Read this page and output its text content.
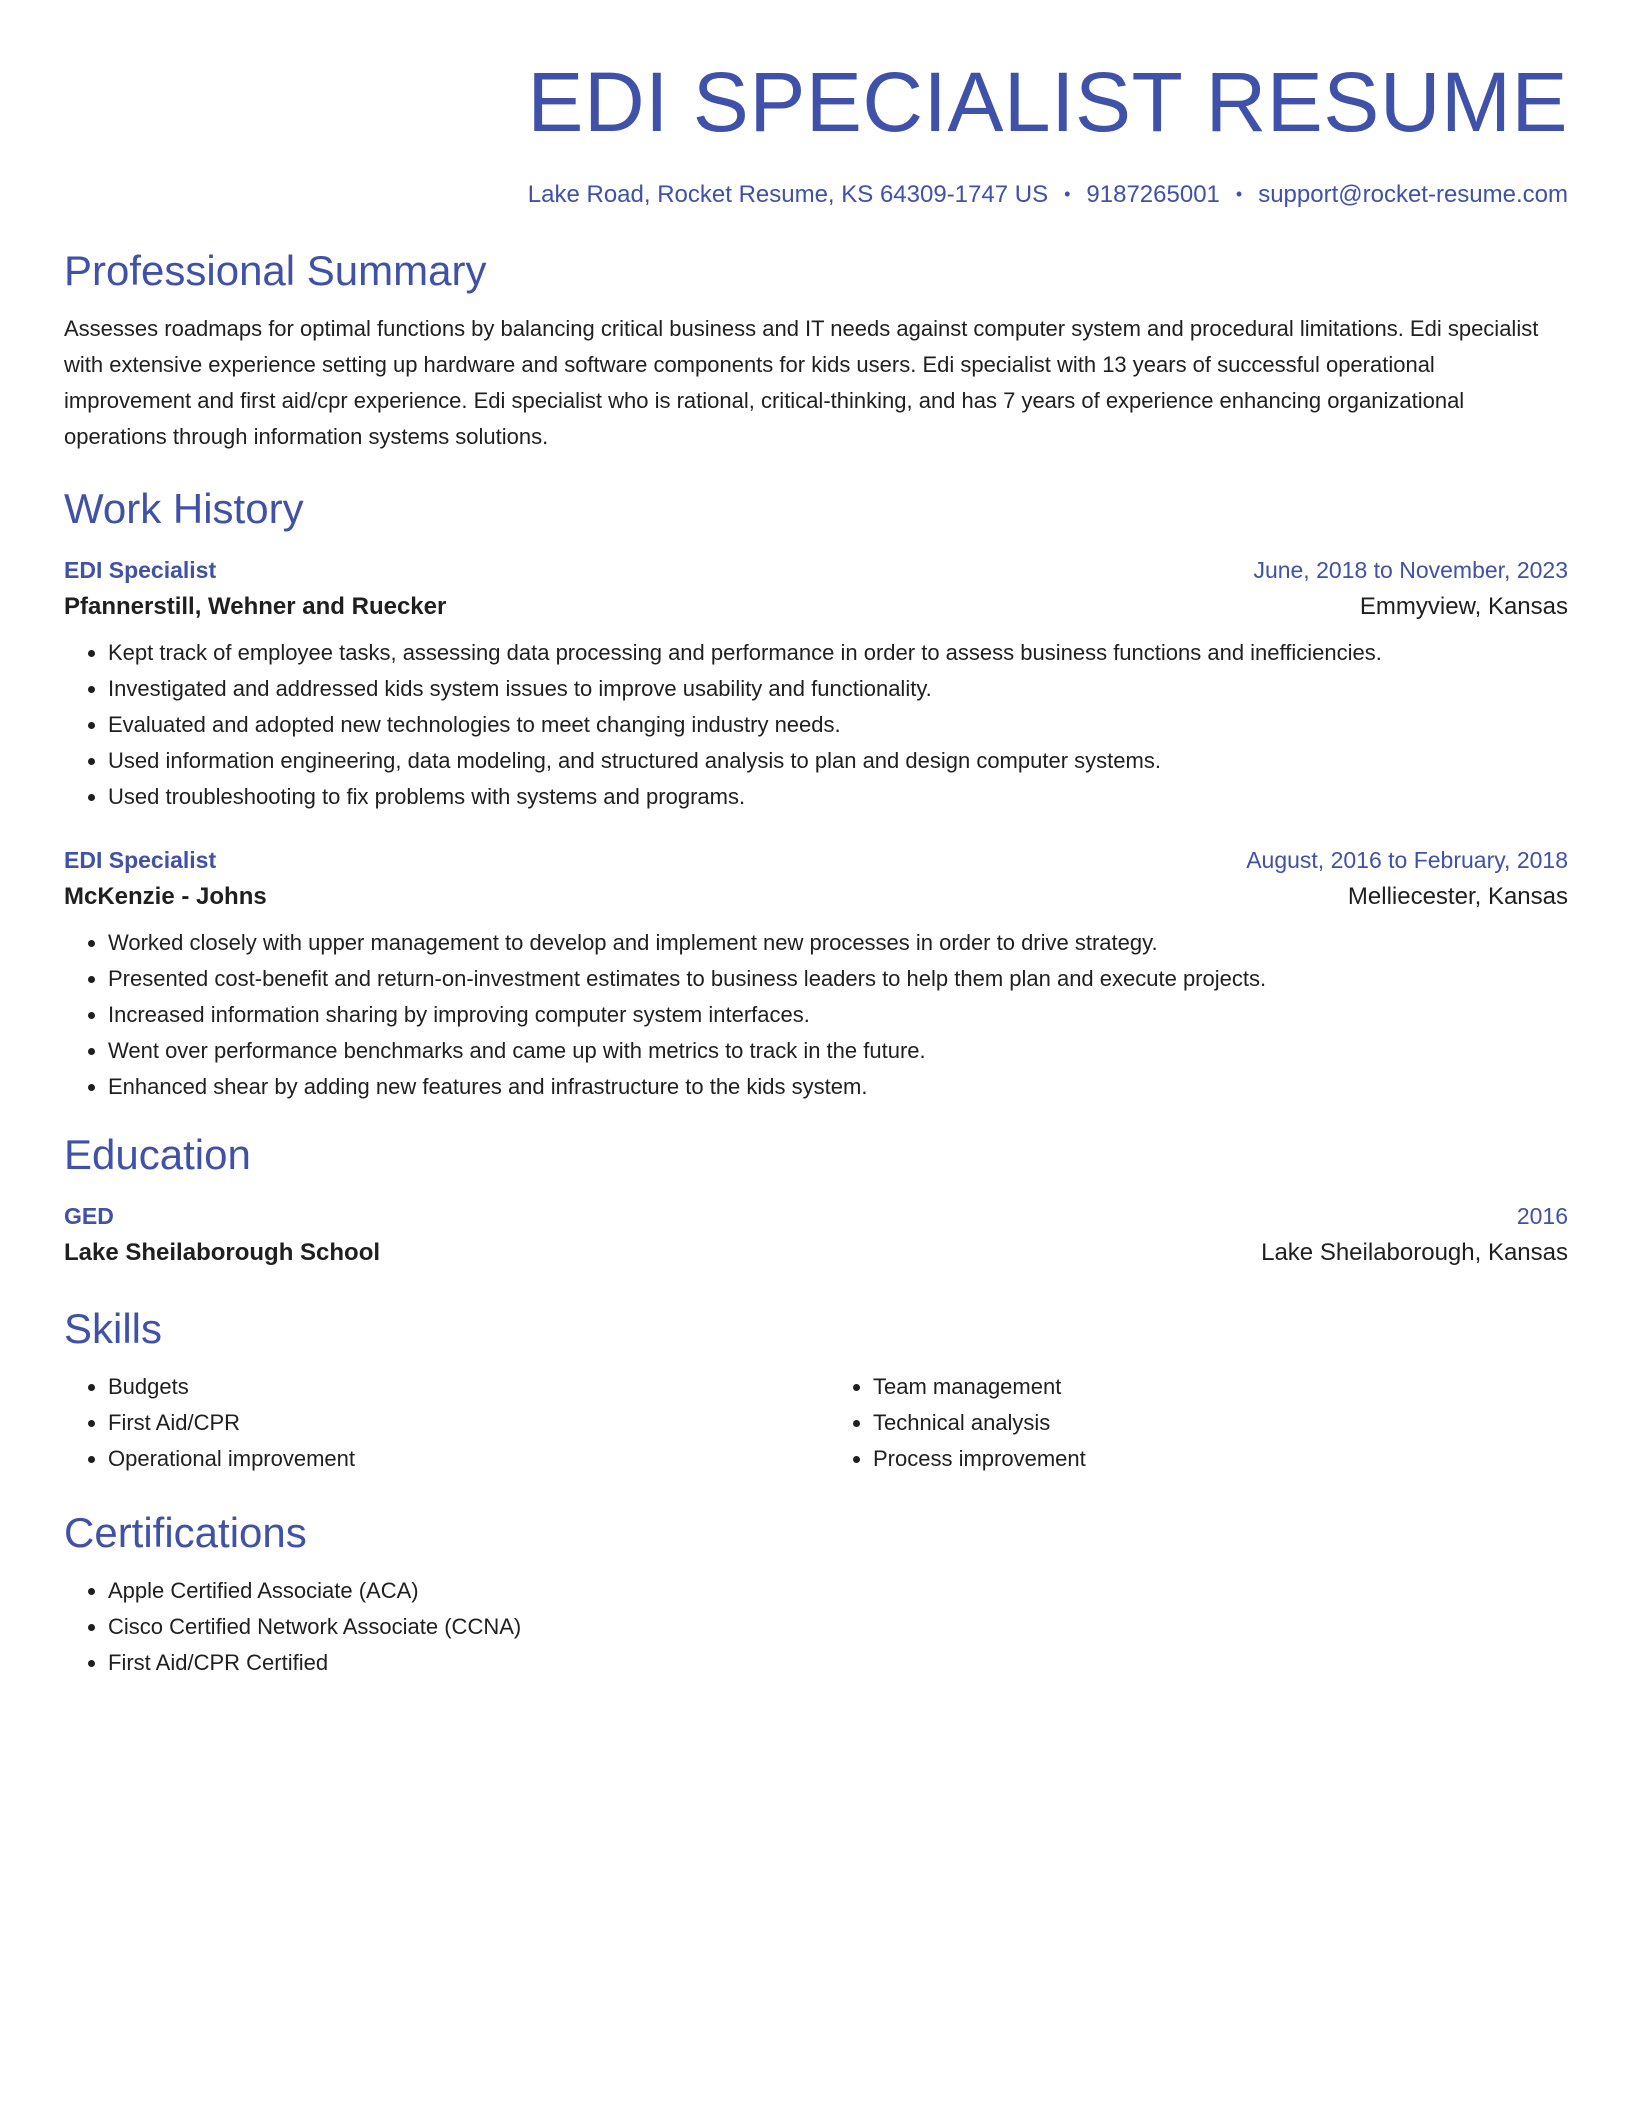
EDI SPECIALIST RESUME
Lake Road, Rocket Resume, KS 64309-1747 US • 9187265001 • support@rocket-resume.com
Professional Summary

Assesses roadmaps for optimal functions by balancing critical business and IT needs against computer system and procedural limitations. Edi specialist with extensive experience setting up hardware and software components for kids users. Edi specialist with 13 years of successful operational improvement and first aid/cpr experience. Edi specialist who is rational, critical-thinking, and has 7 years of experience enhancing organizational operations through information systems solutions.

Work History
EDI Specialist	June, 2018 to November, 2023
Pfannerstill, Wehner and Ruecker	Emmyview, Kansas
• Kept track of employee tasks, assessing data processing and performance in order to assess business functions and inefficiencies.
• Investigated and addressed kids system issues to improve usability and functionality.
• Evaluated and adopted new technologies to meet changing industry needs.
• Used information engineering, data modeling, and structured analysis to plan and design computer systems.
• Used troubleshooting to fix problems with systems and programs.
EDI Specialist	August, 2016 to February, 2018
McKenzie - Johns	Melliecester, Kansas
• Worked closely with upper management to develop and implement new processes in order to drive strategy.
• Presented cost-benefit and return-on-investment estimates to business leaders to help them plan and execute projects.
• Increased information sharing by improving computer system interfaces.
• Went over performance benchmarks and came up with metrics to track in the future.
• Enhanced shear by adding new features and infrastructure to the kids system.
Education
GED	2016
Lake Sheilaborough School	Lake Sheilaborough, Kansas
Skills
• Budgets
• First Aid/CPR
• Operational improvement
• Team management
• Technical analysis
• Process improvement
Certifications
• Apple Certified Associate (ACA)
• Cisco Certified Network Associate (CCNA)
• First Aid/CPR Certified
